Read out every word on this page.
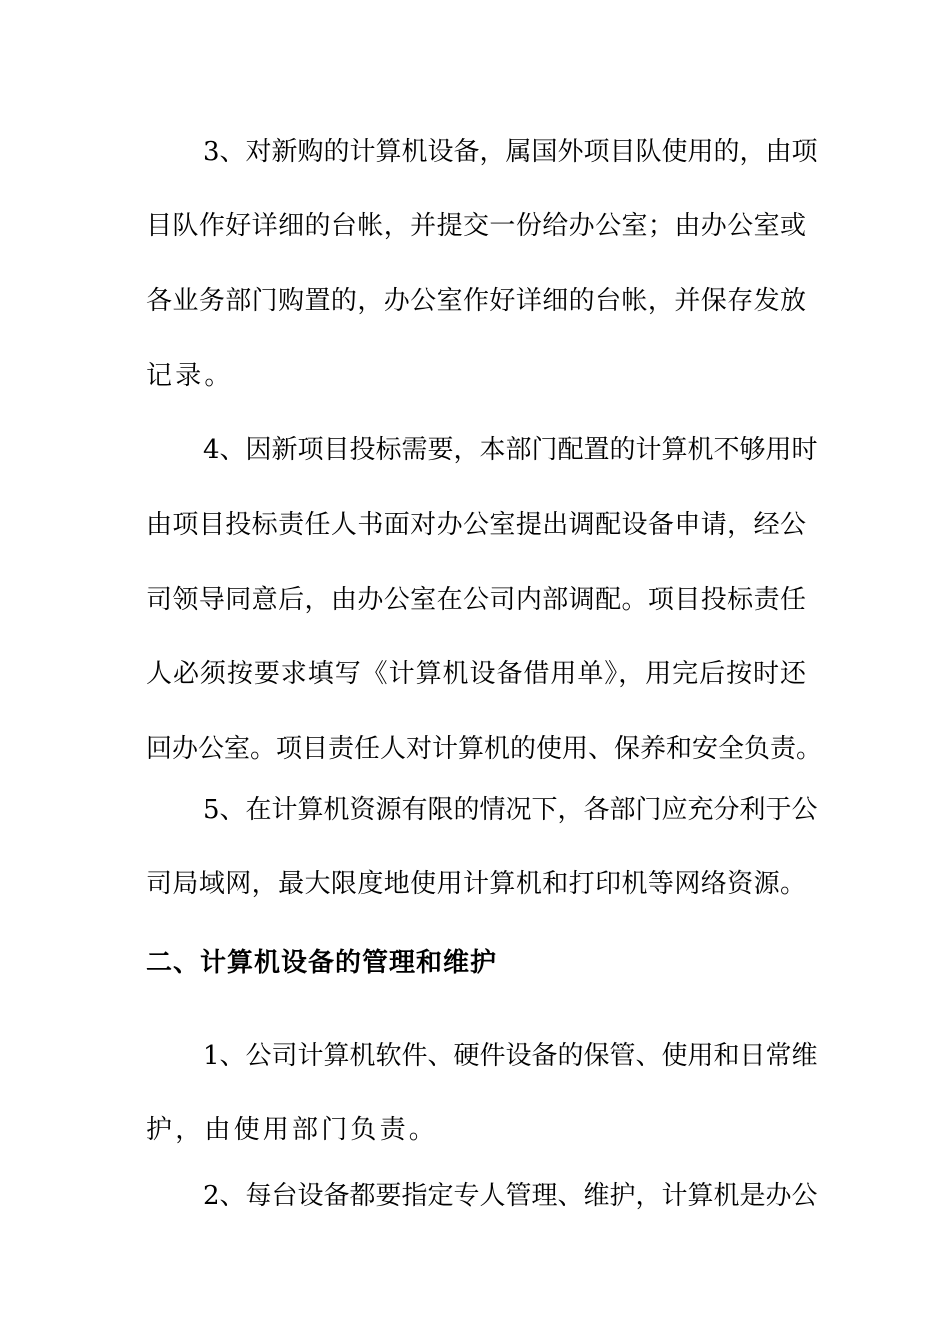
3、对新购的计算机设备，属国外项目队使用的，由项
目队作好详细的台帐，并提交一份给办公室；由办公室或
各业务部门购置的，办公室作好详细的台帐，并保存发放
记录。
4、因新项目投标需要，本部门配置的计算机不够用时
由项目投标责任人书面对办公室提出调配设备申请，经公
司领导同意后，由办公室在公司内部调配。项目投标责任
人必须按要求填写《计算机设备借用单》，用完后按时还
回办公室。项目责任人对计算机的使用、保养和安全负责。
5、在计算机资源有限的情况下，各部门应充分利于公
司局域网，最大限度地使用计算机和打印机等网络资源。
二、计算机设备的管理和维护
1、公司计算机软件、硬件设备的保管、使用和日常维
护，由使用部门负责。
2、每台设备都要指定专人管理、维护，计算机是办公
